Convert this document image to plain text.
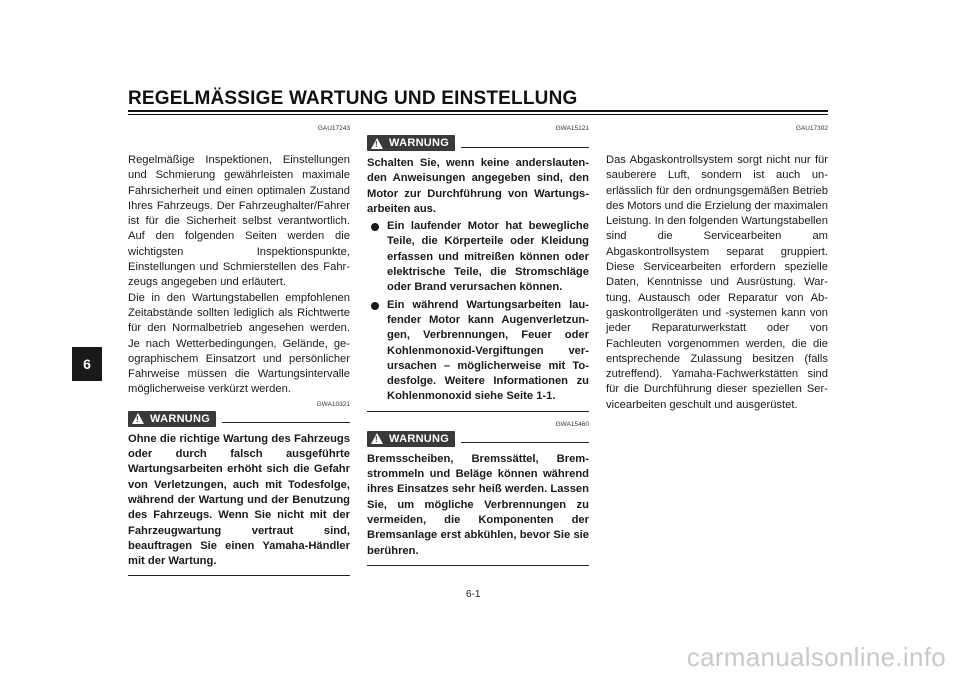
REGELMÄSSIGE WARTUNG UND EINSTELLUNG
6
GAU17243

Regelmäßige Inspektionen, Einstellungen und Schmierung gewährleisten maximale Fahrsicherheit und einen optimalen Zustand Ihres Fahrzeugs. Der Fahrzeughalter/Fahrer ist für die Sicherheit selbst verantwortlich. Auf den folgenden Seiten werden die wichtigsten Inspektionspunkte, Einstellungen und Schmierstellen des Fahrzeugs angegeben und erläutert.

Die in den Wartungstabellen empfohlenen Zeitabstände sollten lediglich als Richtwerte für den Normalbetrieb angesehen werden. Je nach Wetterbedingungen, Gelände, geographischem Einsatzort und persönlicher Fahrweise müssen die Wartungsintervalle möglicherweise verkürzt werden.

GWA10321
! WARNUNG

Ohne die richtige Wartung des Fahrzeugs oder durch falsch ausgeführte Wartungsarbeiten erhöht sich die Gefahr von Verletzungen, auch mit Todesfolge, während der Wartung und der Benutzung des Fahrzeugs. Wenn Sie nicht mit der Fahrzeugwartung vertraut sind, beauftragen Sie einen Yamaha-Händler mit der Wartung.

GWA15121
! WARNUNG

Schalten Sie, wenn keine anderslautenden Anweisungen angegeben sind, den Motor zur Durchführung von Wartungsarbeiten aus.

Ein laufender Motor hat bewegliche Teile, die Körperteile oder Kleidung erfassen und mitreißen können oder elektrische Teile, die Stromschläge oder Brand verursachen können.
Ein während Wartungsarbeiten laufender Motor kann Augenverletzungen, Verbrennungen, Feuer oder Kohlenmonoxid-Vergiftungen verursachen – möglicherweise mit Todesfolge. Weitere Informationen zu Kohlenmonoxid siehe Seite 1-1.
GWA15460
! WARNUNG

Bremsscheiben, Bremssättel, Bremstrommeln und Beläge können während ihres Einsatzes sehr heiß werden. Lassen Sie, um mögliche Verbrennungen zu vermeiden, die Komponenten der Bremsanlage erst abkühlen, bevor Sie sie berühren.

GAU17302

Das Abgaskontrollsystem sorgt nicht nur für sauberere Luft, sondern ist auch unerlässlich für den ordnungsgemäßen Betrieb des Motors und die Erzielung der maximalen Leistung. In den folgenden Wartungstabellen sind die Servicearbeiten am Abgaskontrollsystem separat gruppiert. Diese Servicearbeiten erfordern spezielle Daten, Kenntnisse und Ausrüstung. Wartung, Austausch oder Reparatur von Abgaskontrollgeräten und -systemen kann von jeder Reparaturwerkstatt oder von Fachleuten vorgenommen werden, die die entsprechende Zulassung besitzen (falls zutreffend). Yamaha-Fachwerkstätten sind für die Durchführung dieser speziellen Servicearbeiten geschult und ausgerüstet.

6-1
carmanualsonline.info
